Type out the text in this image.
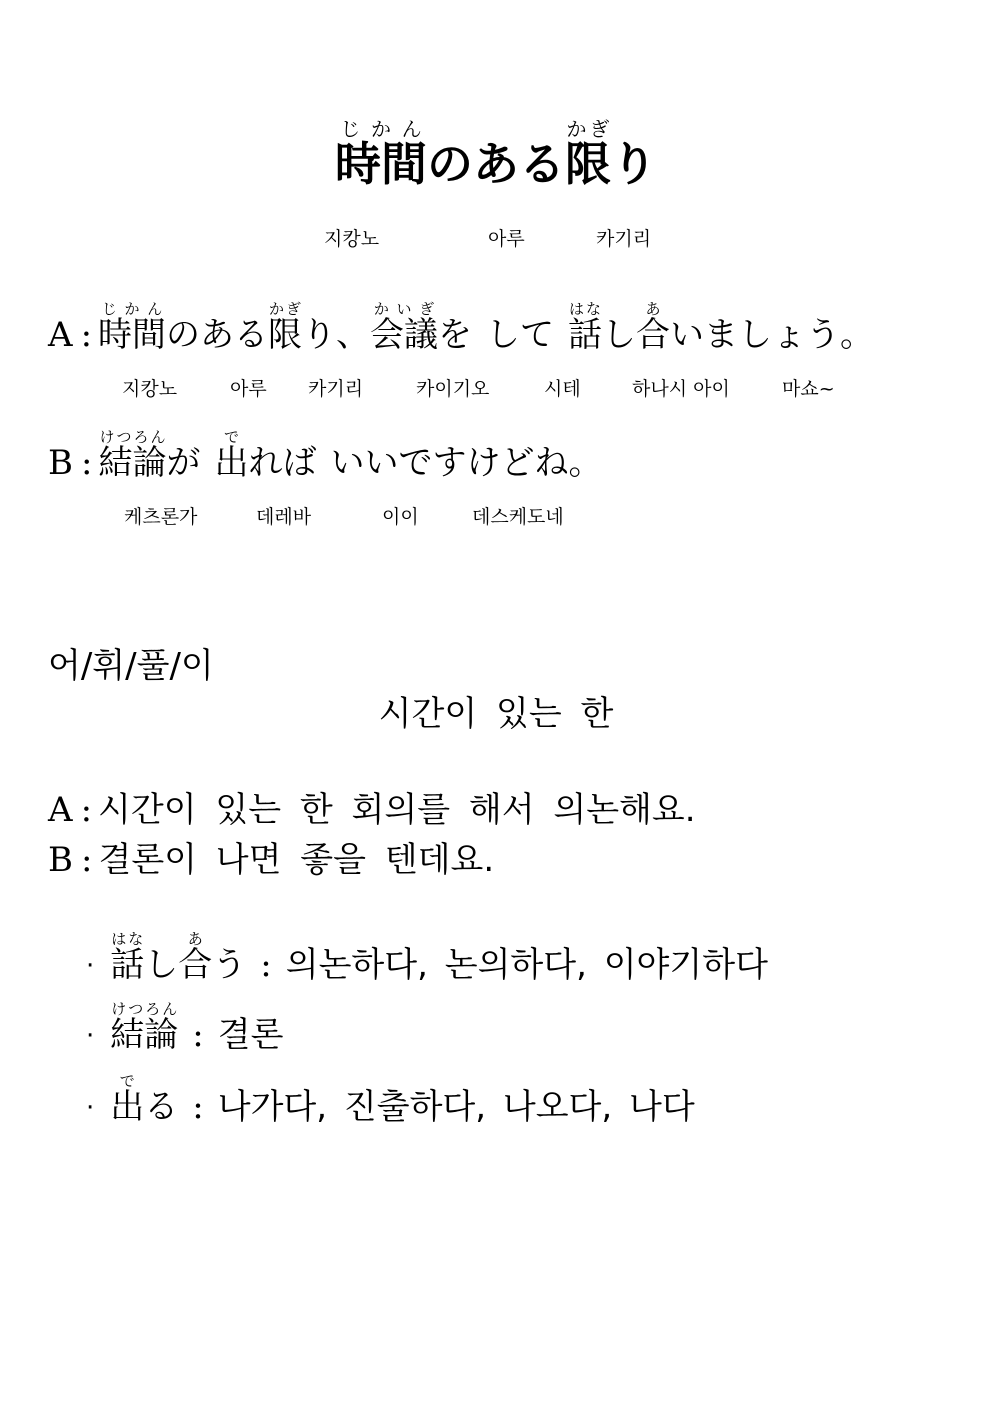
時間じかんのある限かぎり
지캉노	아루	카기리
A : 時間じかんのある限かぎり、会議かいぎを して 話はなし合あいましょう。
지캉노	아루 카기리	카이기오	시테	하나시 아이	마쇼~
B : 結論けつろんが 出でれば いいですけどね。
케츠론가	데레바	이이	데스케도네
어/휘/풀/이
시간이 있는 한
A : 시간이 있는 한 회의를 해서 의논해요.
B : 결론이 나면 좋을 텐데요.
· 話はなし合あう : 의논하다, 논의하다, 이야기하다
· 結論けつろん: 결론
· 出でる : 나가다, 진출하다, 나오다, 나다
